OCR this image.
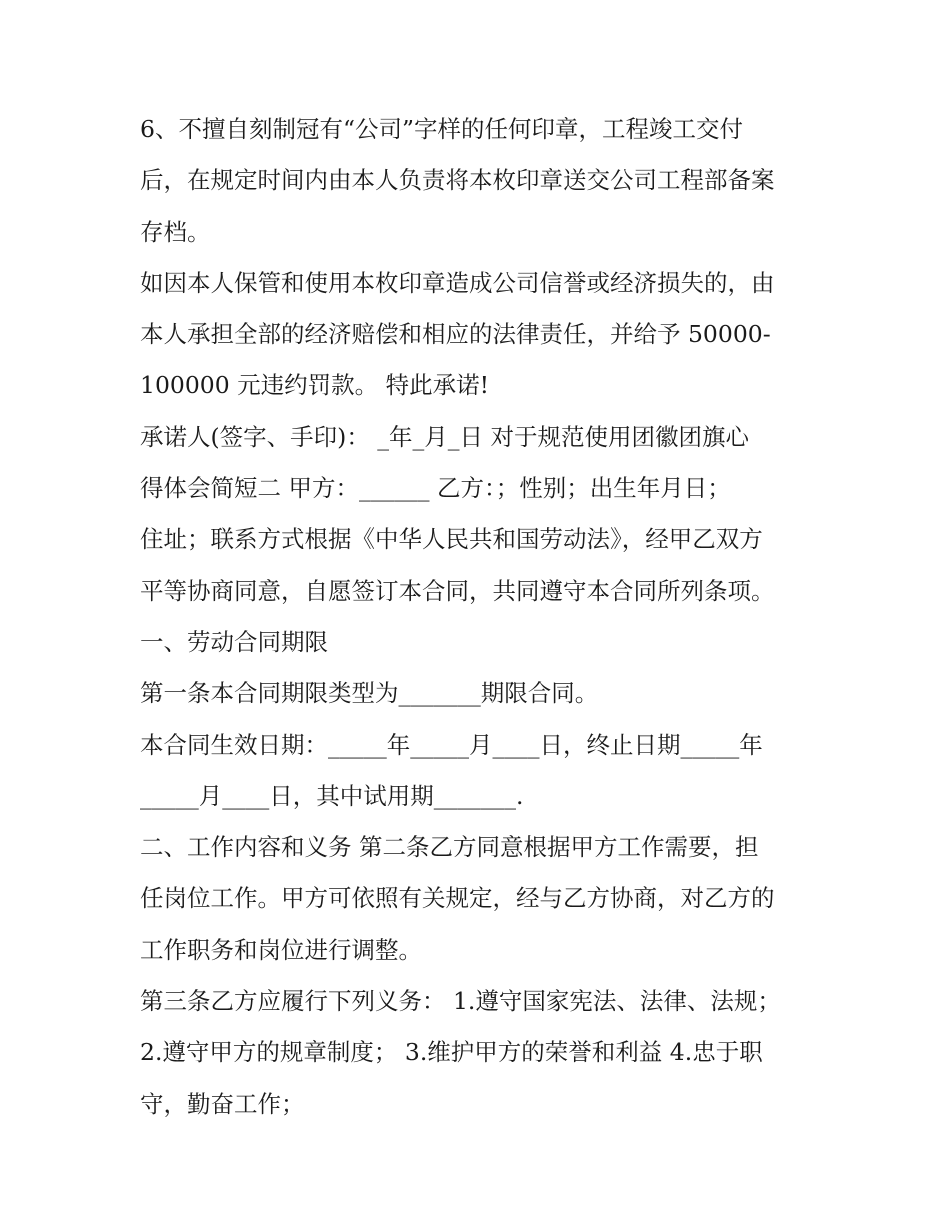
6、不擅自刻制冠有“公司”字样的任何印章，工程竣工交付
后，在规定时间内由本人负责将本枚印章送交公司工程部备案
存档。
如因本人保管和使用本枚印章造成公司信誉或经济损失的，由
本人承担全部的经济赔偿和相应的法律责任，并给予 50000-
100000 元违约罚款。 特此承诺!
承诺人(签字、手印)： _年_月_日 对于规范使用团徽团旗心
得体会简短二 甲方：______ 乙方：；性别；出生年月日；
住址；联系方式根据《中华人民共和国劳动法》，经甲乙双方
平等协商同意，自愿签订本合同，共同遵守本合同所列条项。
一、劳动合同期限
第一条本合同期限类型为_______期限合同。
本合同生效日期：_____年_____月____日，终止日期_____年
_____月____日，其中试用期_______.
二、工作内容和义务 第二条乙方同意根据甲方工作需要，担
任岗位工作。甲方可依照有关规定，经与乙方协商，对乙方的
工作职务和岗位进行调整。
第三条乙方应履行下列义务： 1.遵守国家宪法、法律、法规；
2.遵守甲方的规章制度； 3.维护甲方的荣誉和利益 4.忠于职
守，勤奋工作；
